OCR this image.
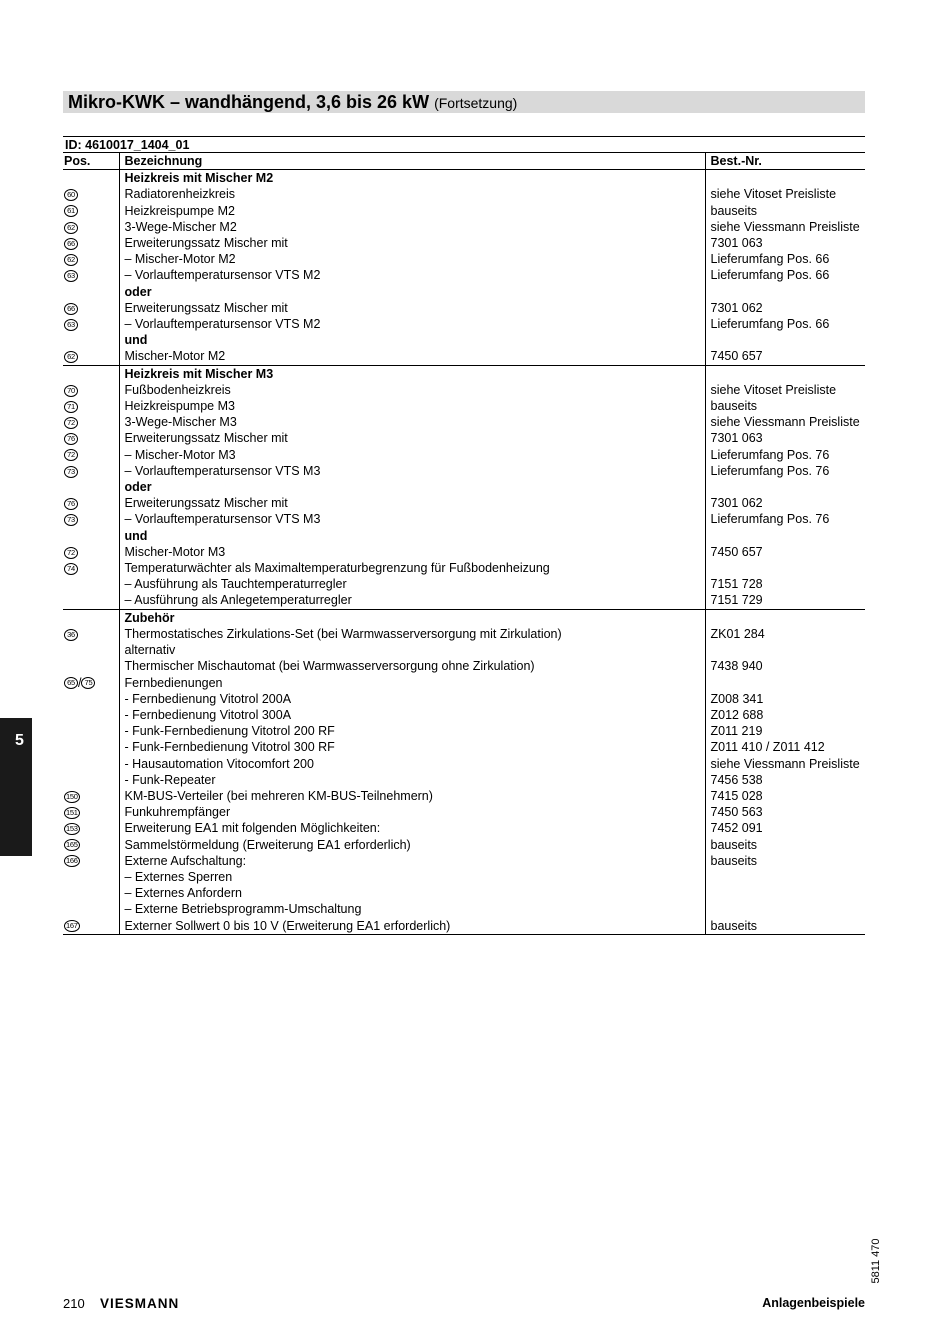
Mikro-KWK – wandhängend, 3,6 bis 26 kW (Fortsetzung)
ID: 4610017_1404_01
Pos.	Bezeichnung	Best.-Nr.
	Heizkreis mit Mischer M2	
60	Radiatorenheizkreis	siehe Vitoset Preisliste
61	Heizkreispumpe M2	bauseits
62	3-Wege-Mischer M2	siehe Viessmann Preisliste
66	Erweiterungssatz Mischer mit	7301 063
62	– Mischer-Motor M2	Lieferumfang Pos. 66
63	– Vorlauftemperatursensor VTS M2	Lieferumfang Pos. 66
	oder	
66	Erweiterungssatz Mischer mit	7301 062
63	– Vorlauftemperatursensor VTS M2	Lieferumfang Pos. 66
	und	
62	Mischer-Motor M2	7450 657
	Heizkreis mit Mischer M3	
70	Fußbodenheizkreis	siehe Vitoset Preisliste
71	Heizkreispumpe M3	bauseits
72	3-Wege-Mischer M3	siehe Viessmann Preisliste
76	Erweiterungssatz Mischer mit	7301 063
72	– Mischer-Motor M3	Lieferumfang Pos. 76
73	– Vorlauftemperatursensor VTS M3	Lieferumfang Pos. 76
	oder	
76	Erweiterungssatz Mischer mit	7301 062
73	– Vorlauftemperatursensor VTS M3	Lieferumfang Pos. 76
	und	
72	Mischer-Motor M3	7450 657
74	Temperaturwächter als Maximaltemperaturbegrenzung für Fußbodenheizung	
	– Ausführung als Tauchtemperaturregler	7151 728
	– Ausführung als Anlegetemperaturregler	7151 729
	Zubehör	
36	Thermostatisches Zirkulations-Set (bei Warmwasserversorgung mit Zirkulation)	ZK01 284
	alternativ	
	Thermischer Mischautomat (bei Warmwasserversorgung ohne Zirkulation)	7438 940
65 / 75	Fernbedienungen	
	- Fernbedienung Vitotrol 200A	Z008 341
	- Fernbedienung Vitotrol 300A	Z012 688
	- Funk-Fernbedienung Vitotrol 200 RF	Z011 219
	- Funk-Fernbedienung Vitotrol 300 RF	Z011 410 / Z011 412
	- Hausautomation Vitocomfort 200	siehe Viessmann Preisliste
	- Funk-Repeater	7456 538
150	KM-BUS-Verteiler (bei mehreren KM-BUS-Teilnehmern)	7415 028
151	Funkuhrempfänger	7450 563
153	Erweiterung EA1 mit folgenden Möglichkeiten:	7452 091
165	Sammelstörmeldung (Erweiterung EA1 erforderlich)	bauseits
166	Externe Aufschaltung:	bauseits
	– Externes Sperren	
	– Externes Anfordern	
	– Externe Betriebsprogramm-Umschaltung	
167	Externer Sollwert 0 bis 10 V (Erweiterung EA1 erforderlich)	bauseits
5
5811 470
210 VIESMANN	Anlagenbeispiele
